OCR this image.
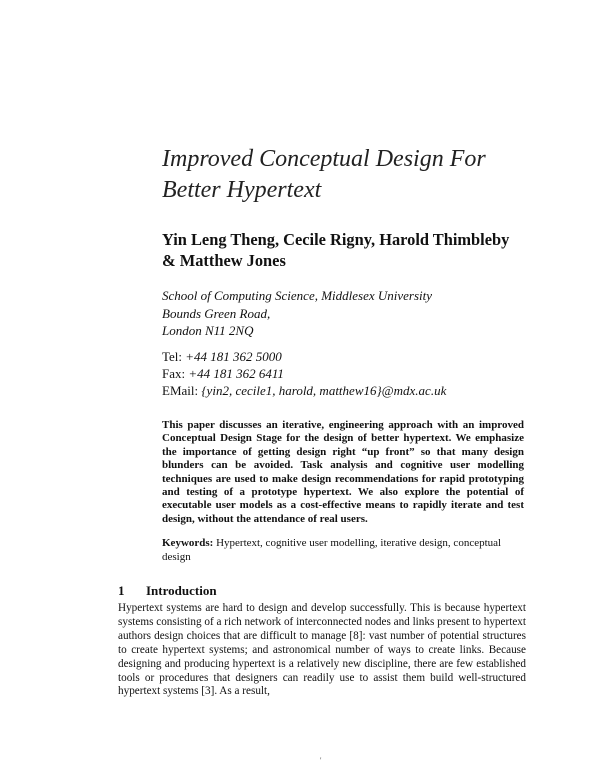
Improved Conceptual Design For
Better Hypertext
Yin Leng Theng, Cecile Rigny, Harold Thimbleby
& Matthew Jones
School of Computing Science, Middlesex University
Bounds Green Road,
London N11 2NQ
Tel: +44 181 362 5000
Fax: +44 181 362 6411
EMail: {yin2, cecile1, harold, matthew16}@mdx.ac.uk
This paper discusses an iterative, engineering approach with an improved Conceptual Design Stage for the design of better hypertext. We emphasize the importance of getting design right “up front” so that many design blunders can be avoided. Task analysis and cognitive user modelling techniques are used to make design recommendations for rapid prototyping and testing of a prototype hypertext. We also explore the potential of executable user models as a cost-effective means to rapidly iterate and test design, without the attendance of real users.
Keywords: Hypertext, cognitive user modelling, iterative design, conceptual design
1 Introduction
Hypertext systems are hard to design and develop successfully. This is because hypertext systems consisting of a rich network of interconnected nodes and links present to hypertext authors design choices that are difficult to manage [8]: vast number of potential structures to create hypertext systems; and astronomical number of ways to create links. Because designing and producing hypertext is a relatively new discipline, there are few established tools or procedures that designers can readily use to assist them build well-structured hypertext systems [3]. As a result,
'
